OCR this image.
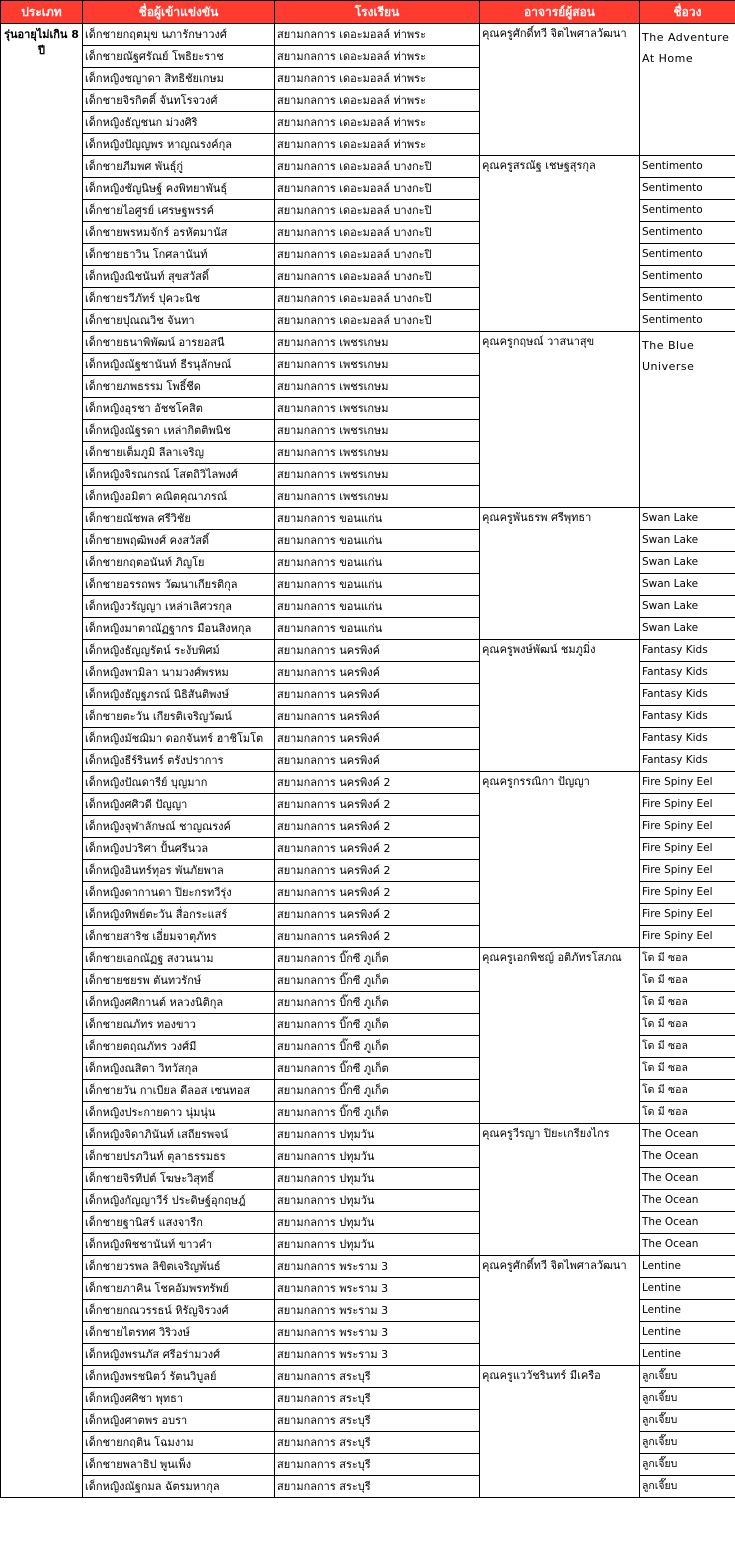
ประเภท	ชื่อผู้เข้าแข่งขัน	โรงเรียน	อาจารย์ผู้สอน	ชื่อวง
รุ่นอายุไม่เกิน 8 ปี	เด็กชายกฤตมุข นภารักษาวงศ์	สยามกลการ เดอะมอลล์ ท่าพระ	คุณครูศักดิ์ทวี จิตไพศาลวัฒนา	The Adventure At Home
	เด็กชายณัฐศรัณย์ โพธิยะราช	สยามกลการ เดอะมอลล์ ท่าพระ		
	เด็กหญิงชญาดา สิทธิชัยเกษม	สยามกลการ เดอะมอลล์ ท่าพระ		
	เด็กชายจิรกิตติ์ จันทโรจวงศ์	สยามกลการ เดอะมอลล์ ท่าพระ		
	เด็กหญิงธัญชนก ม่วงศิริ	สยามกลการ เดอะมอลล์ ท่าพระ		
	เด็กหญิงปัญญพร หาญณรงค์กุล	สยามกลการ เดอะมอลล์ ท่าพระ		
	เด็กชายภีมพศ พันธุ์กู่	สยามกลการ เดอะมอลล์ บางกะปิ	คุณครูสรณัฐ เชษฐสุรกุล	Sentimento
	เด็กหญิงชัญนิษฐ์ คงพิทยาพันธุ์	สยามกลการ เดอะมอลล์ บางกะปิ		Sentimento
	เด็กชายไอศูรย์ เศรษฐพรรค์	สยามกลการ เดอะมอลล์ บางกะปิ		Sentimento
	เด็กชายพรหมจักร์ อรหัตมานัส	สยามกลการ เดอะมอลล์ บางกะปิ		Sentimento
	เด็กชายธาวิน โกศลานันท์	สยามกลการ เดอะมอลล์ บางกะปิ		Sentimento
	เด็กหญิงณิชนันท์ สุขสวัสดิ์	สยามกลการ เดอะมอลล์ บางกะปิ		Sentimento
	เด็กชายรวีภัทร์ ปุควะนิช	สยามกลการ เดอะมอลล์ บางกะปิ		Sentimento
	เด็กชายปุณณวิช จันทา	สยามกลการ เดอะมอลล์ บางกะปิ		Sentimento
	เด็กชายธนาพิพัฒน์ อารยอสนี	สยามกลการ เพชรเกษม	คุณครูกฤษณ์ วาสนาสุข	The Blue Universe
	เด็กหญิงณัฐชานันท์ ธีรนุลักษณ์	สยามกลการ เพชรเกษม		
	เด็กชายภพธรรม โพธิ์ชีด	สยามกลการ เพชรเกษม		
	เด็กหญิงอุรชา อัชชโคสิต	สยามกลการ เพชรเกษม		
	เด็กหญิงณัฐรดา เหล่ากิตติพนิช	สยามกลการ เพชรเกษม		
	เด็กชายเต็มภูมิ ลีลาเจริญ	สยามกลการ เพชรเกษม		
	เด็กหญิงจิรณกรณ์ โสตถิวิไลพงศ์	สยามกลการ เพชรเกษม		
	เด็กหญิงอมิตา คณิตคุณาภรณ์	สยามกลการ เพชรเกษม		
	เด็กชายณัชพล ศรีวิชัย	สยามกลการ ขอนแก่น	คุณครูพันธรพ ศรีพุทธา	Swan Lake
	เด็กชายพฤฒิพงศ์ คงสวัสดิ์	สยามกลการ ขอนแก่น		Swan Lake
	เด็กชายกฤตอนันท์ ภิญโย	สยามกลการ ขอนแก่น		Swan Lake
	เด็กชายอรรถพร วัฒนาเกียรติกุล	สยามกลการ ขอนแก่น		Swan Lake
	เด็กหญิงวรัญญา เหล่าเลิศวรกุล	สยามกลการ ขอนแก่น		Swan Lake
	เด็กหญิงมาตาณัฏฐากร มือนสิงหกุล	สยามกลการ ขอนแก่น		Swan Lake
	เด็กหญิงธัญญรัตน์ ระงับพิศม์	สยามกลการ นครพิงค์	คุณครูพงษ์พัฒน์ ชมภูมิ่ง	Fantasy Kids
	เด็กหญิงพามิลา นามวงศ์พรหม	สยามกลการ นครพิงค์		Fantasy Kids
	เด็กหญิงธัญฐภรณ์ นิธิสันติพงษ์	สยามกลการ นครพิงค์		Fantasy Kids
	เด็กชายตะวัน เกียรติเจริญวัฒน์	สยามกลการ นครพิงค์		Fantasy Kids
	เด็กหญิงมัชฌิมา ดอกจันทร์ ฮาชิโมโต	สยามกลการ นครพิงค์		Fantasy Kids
	เด็กหญิงธีร์รินทร์ ตรังปราการ	สยามกลการ นครพิงค์		Fantasy Kids
	เด็กหญิงปัณดารีย์ บุญมาก	สยามกลการ นครพิงค์ 2	คุณครูกรรณิกา ปัญญา	Fire Spiny Eel
	เด็กหญิงศศิวดี ปัญญา	สยามกลการ นครพิงค์ 2		Fire Spiny Eel
	เด็กหญิงจุฬาลักษณ์ ชาญณรงค์	สยามกลการ นครพิงค์ 2		Fire Spiny Eel
	เด็กหญิงปวริศา ปั้นศรีนวล	สยามกลการ นครพิงค์ 2		Fire Spiny Eel
	เด็กหญิงอินทร์ทุอร พันภัยพาล	สยามกลการ นครพิงค์ 2		Fire Spiny Eel
	เด็กหญิงดากานดา ปิยะกรทวีรุ่ง	สยามกลการ นครพิงค์ 2		Fire Spiny Eel
	เด็กหญิงทิพย์ตะวัน สื่อกระแสร์	สยามกลการ นครพิงค์ 2		Fire Spiny Eel
	เด็กชายสาริช เอี่ยมจาตุภัทร	สยามกลการ นครพิงค์ 2		Fire Spiny Eel
	เด็กชายเอกณัฏฐ สงวนนาม	สยามกลการ บิ๊กซี ภูเก็ต	คุณครูเอกพิชญ์ อติภัทรโสภณ	โด มี ซอล
	เด็กชายชยรพ ตันทวรักษ์	สยามกลการ บิ๊กซี ภูเก็ต		โด มี ซอล
	เด็กหญิงศศิกานต์ หลวงนิติกุล	สยามกลการ บิ๊กซี ภูเก็ต		โด มี ซอล
	เด็กชายณภัทร ทองขาว	สยามกลการ บิ๊กซี ภูเก็ต		โด มี ซอล
	เด็กชายตฤณภัทร วงศ์มี	สยามกลการ บิ๊กซี ภูเก็ต		โด มี ซอล
	เด็กหญิงณสิตา วิทวัสกุล	สยามกลการ บิ๊กซี ภูเก็ต		โด มี ซอล
	เด็กชายวัน กาเบียล ดีลอส เซนทอส	สยามกลการ บิ๊กซี ภูเก็ต		โด มี ซอล
	เด็กหญิงประกายดาว นุ่มนุ่น	สยามกลการ บิ๊กซี ภูเก็ต		โด มี ซอล
	เด็กหญิงจิดาภินันท์ เสถียรพจน์	สยามกลการ ปทุมวัน	คุณครูวีรญา ปิยะเกรียงไกร	The Ocean
	เด็กชายปรภวินท์ ตุลาธรรมธร	สยามกลการ ปทุมวัน		The Ocean
	เด็กชายจิรทีปต์ โฆษะวิสุทธิ์	สยามกลการ ปทุมวัน		The Ocean
	เด็กหญิงกัญญาวีร์ ประดิษฐ์อุกฤษฎ์	สยามกลการ ปทุมวัน		The Ocean
	เด็กชายฐานิสร์ แสงจารีก	สยามกลการ ปทุมวัน		The Ocean
	เด็กหญิงพิชชานันท์ ขาวคำ	สยามกลการ ปทุมวัน		The Ocean
	เด็กชายวรพล ลิขิตเจริญพันธ์	สยามกลการ พระราม 3	คุณครูศักดิ์ทวี จิตไพศาลวัฒนา	Lentine
	เด็กชายภาคิน โชคอัมพรทรัพย์	สยามกลการ พระราม 3		Lentine
	เด็กชายกณวรรธน์ หิรัญจิรวงศ์	สยามกลการ พระราม 3		Lentine
	เด็กชายไตรทศ วิริวงษ์	สยามกลการ พระราม 3		Lentine
	เด็กหญิงพรนภัส ศรีอร่ามวงศ์	สยามกลการ พระราม 3		Lentine
	เด็กหญิงพรชนิตว์ รัตนวิบูลย์	สยามกลการ สระบุรี	คุณครูแววัชรินทร์ มีเครือ	ลูกเจี๊ยบ
	เด็กหญิงศศิชา พุทธา	สยามกลการ สระบุรี		ลูกเจี๊ยบ
	เด็กหญิงศาตพร อบรา	สยามกลการ สระบุรี		ลูกเจี๊ยบ
	เด็กชายกฤติน โฉมงาม	สยามกลการ สระบุรี		ลูกเจี๊ยบ
	เด็กชายพลาธิป พูนเพ็ง	สยามกลการ สระบุรี		ลูกเจี๊ยบ
	เด็กหญิงณัฐกมล ฉัตรมหากุล	สยามกลการ สระบุรี		ลูกเจี๊ยบ
